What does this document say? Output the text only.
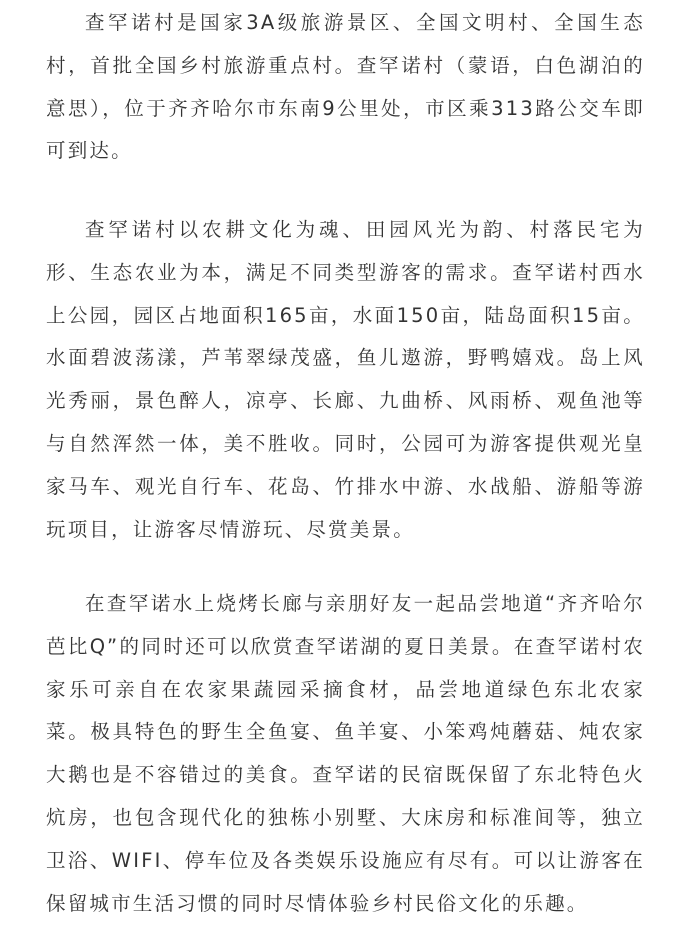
查罕诺村是国家3A级旅游景区、全国文明村、全国生态村，首批全国乡村旅游重点村。查罕诺村（蒙语，白色湖泊的意思），位于齐齐哈尔市东南9公里处，市区乘313路公交车即可到达。

查罕诺村以农耕文化为魂、田园风光为韵、村落民宅为形、生态农业为本，满足不同类型游客的需求。查罕诺村西水上公园，园区占地面积165亩，水面150亩，陆岛面积15亩。水面碧波荡漾，芦苇翠绿茂盛，鱼儿遨游，野鸭嬉戏。岛上风光秀丽，景色醉人，凉亭、长廊、九曲桥、风雨桥、观鱼池等与自然浑然一体，美不胜收。同时，公园可为游客提供观光皇家马车、观光自行车、花岛、竹排水中游、水战船、游船等游玩项目，让游客尽情游玩、尽赏美景。

在查罕诺水上烧烤长廊与亲朋好友一起品尝地道“齐齐哈尔芭比Q”的同时还可以欣赏查罕诺湖的夏日美景。在查罕诺村农家乐可亲自在农家果蔬园采摘食材，品尝地道绿色东北农家菜。极具特色的野生全鱼宴、鱼羊宴、小笨鸡炖蘑菇、炖农家大鹅也是不容错过的美食。查罕诺的民宿既保留了东北特色火炕房，也包含现代化的独栋小别墅、大床房和标准间等，独立卫浴、WIFI、停车位及各类娱乐设施应有尽有。可以让游客在保留城市生活习惯的同时尽情体验乡村民俗文化的乐趣。
